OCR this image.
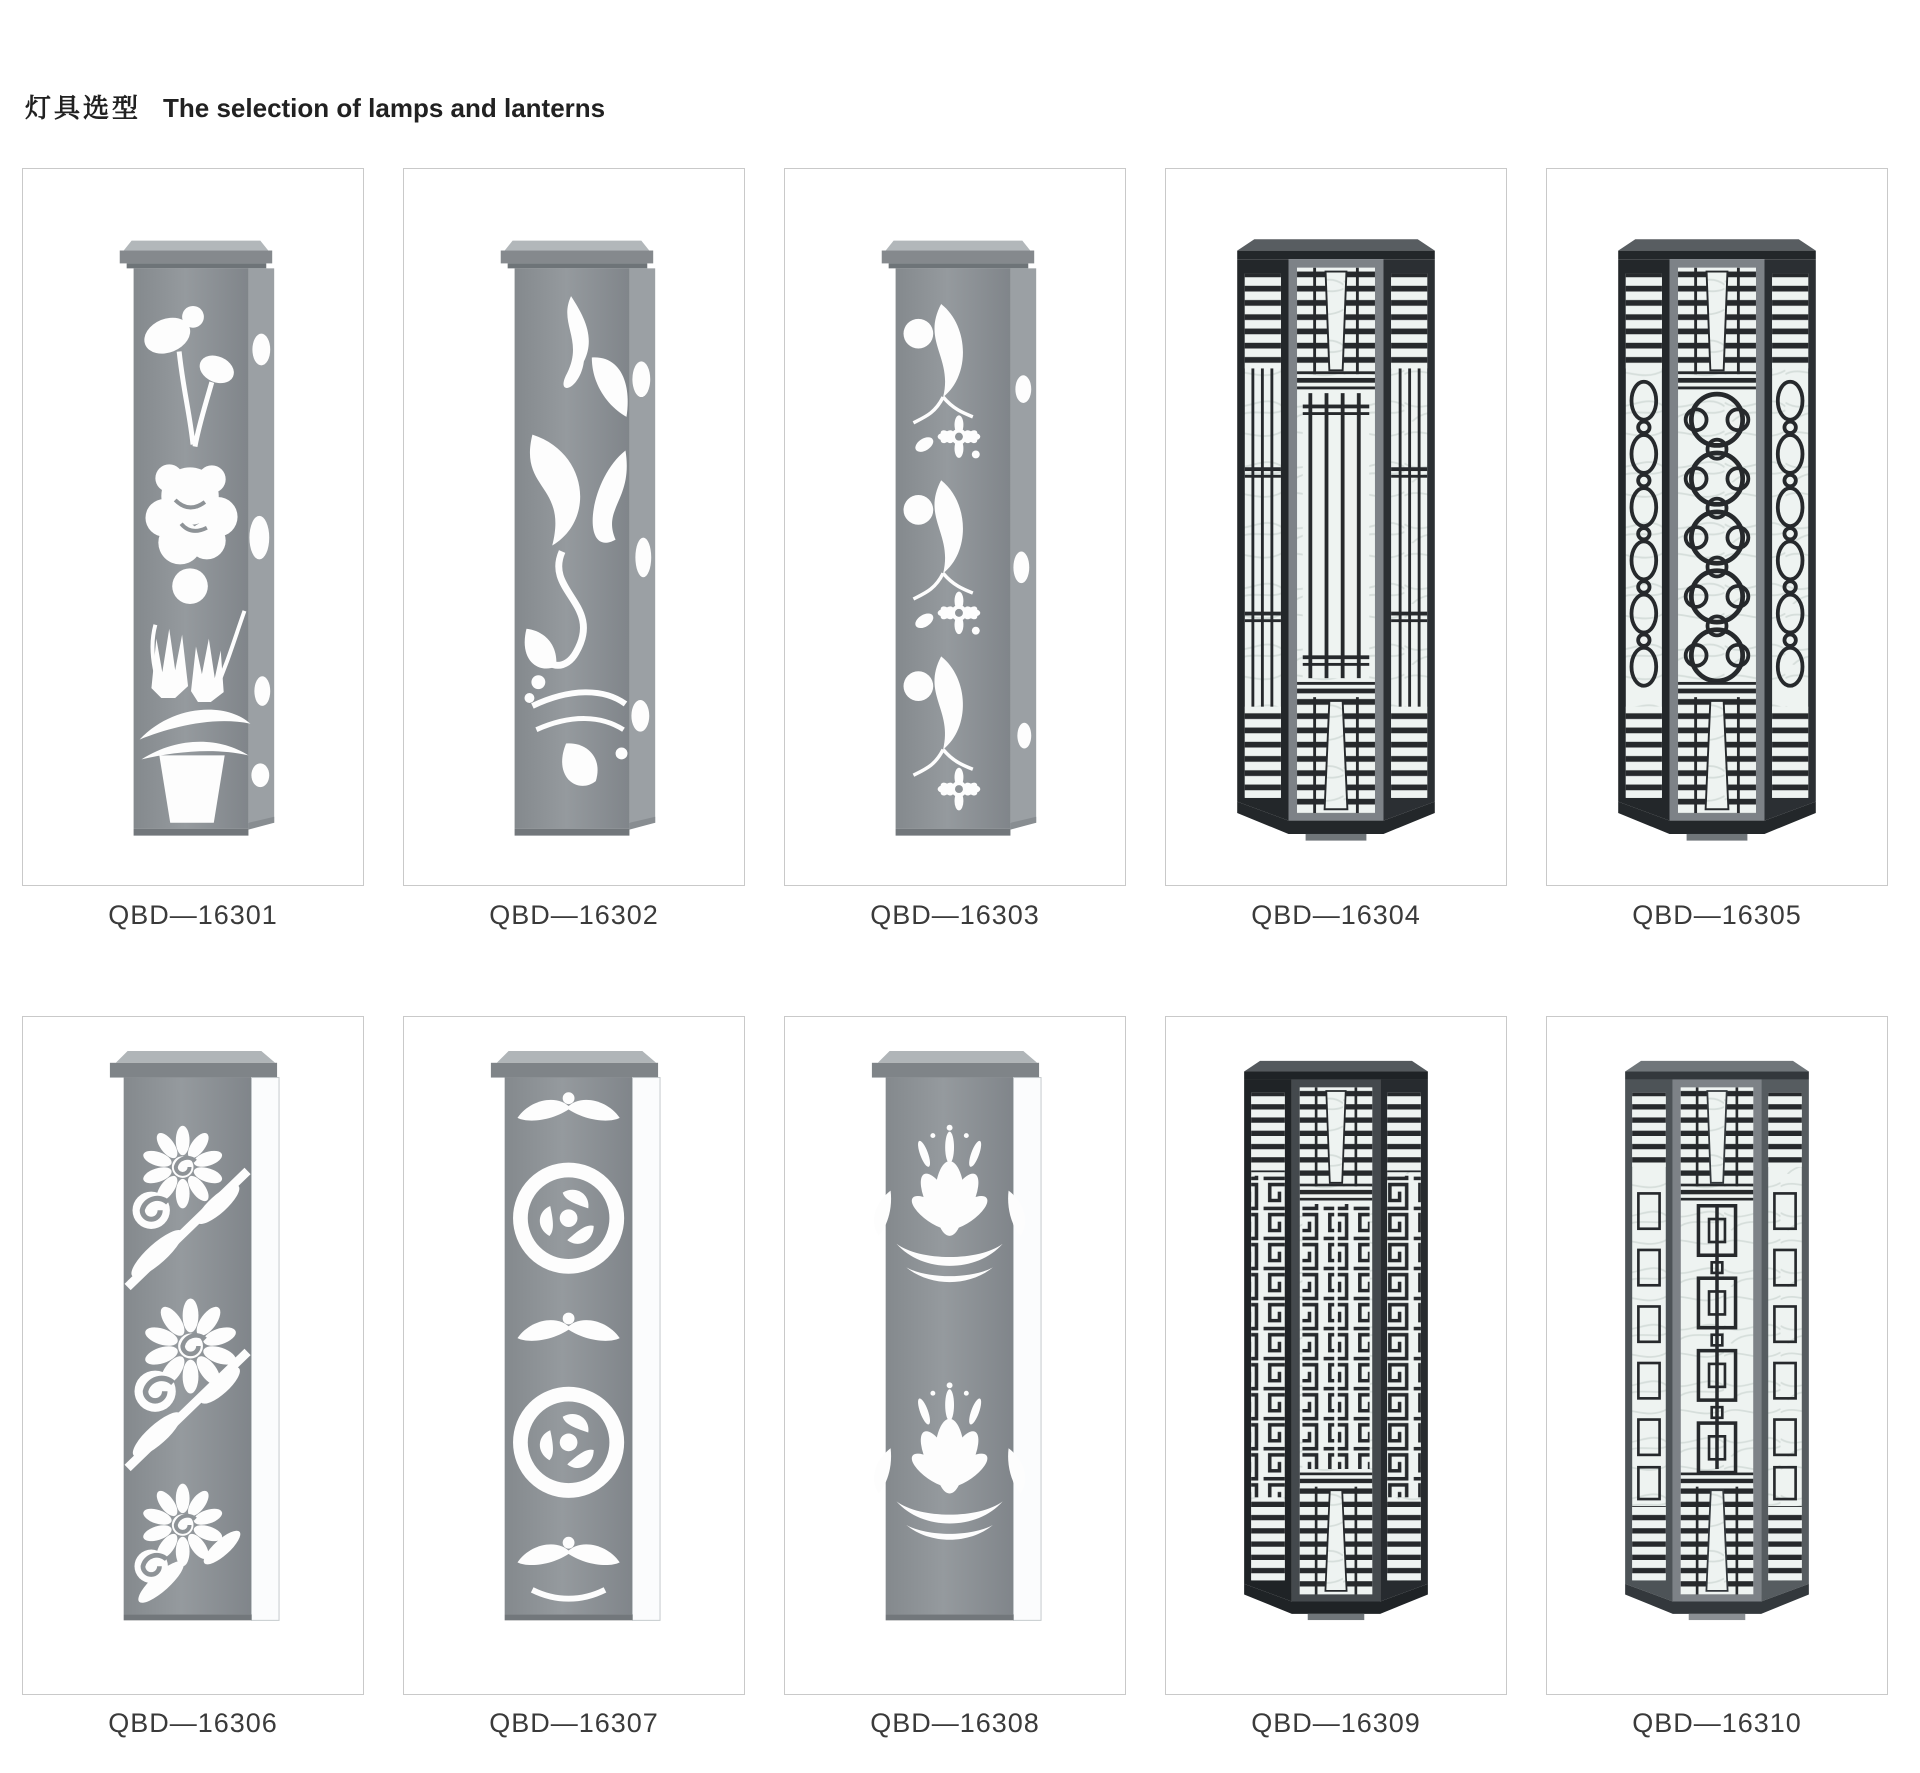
灯具选型 The selection of lamps and lanterns
QBD—16301	QBD—16302	QBD—16303	QBD—16304	QBD—16305
QBD—16306	QBD—16307	QBD—16308	QBD—16309	QBD—16310
